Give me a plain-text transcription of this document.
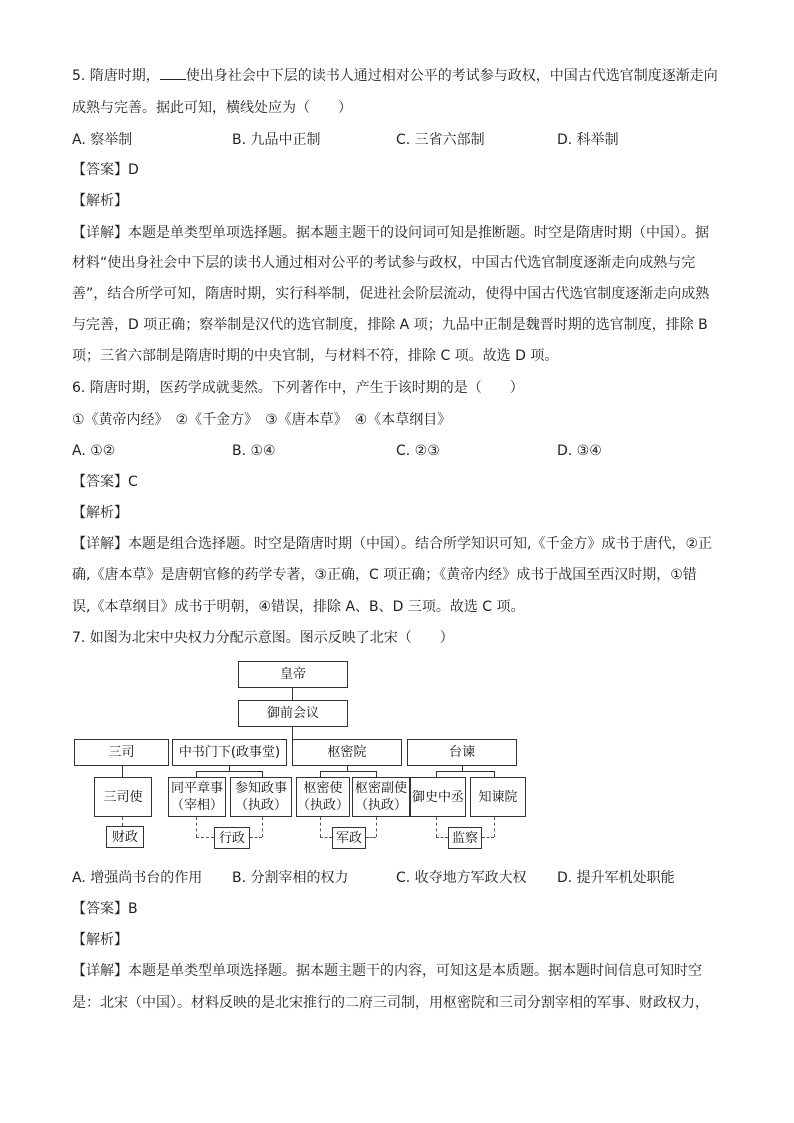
5. 隋唐时期， 使出身社会中下层的读书人通过相对公平的考试参与政权，中国古代选官制度逐渐走向
成熟与完善。据此可知，横线处应为（　　）
A. 察举制	B. 九品中正制	C. 三省六部制	D. 科举制
【答案】D
【解析】
【详解】本题是单类型单项选择题。据本题主题干的设问词可知是推断题。时空是隋唐时期（中国）。据
材料“使出身社会中下层的读书人通过相对公平的考试参与政权，中国古代选官制度逐渐走向成熟与完
善”，结合所学可知，隋唐时期，实行科举制，促进社会阶层流动，使得中国古代选官制度逐渐走向成熟
与完善，D 项正确；察举制是汉代的选官制度，排除 A 项；九品中正制是魏晋时期的选官制度，排除 B
项；三省六部制是隋唐时期的中央官制，与材料不符，排除 C 项。故选 D 项。
6. 隋唐时期，医药学成就斐然。下列著作中，产生于该时期的是（　　）
①《黄帝内经》　②《千金方》　③《唐本草》　④《本草纲目》
A. ①②	B. ①④	C. ②③	D. ③④
【答案】C
【解析】
【详解】本题是组合选择题。时空是隋唐时期（中国）。结合所学知识可知,《千金方》成书于唐代，②正
确,《唐本草》是唐朝官修的药学专著，③正确，C 项正确；《黄帝内经》成书于战国至西汉时期，①错
误,《本草纲目》成书于明朝，④错误，排除 A、B、D 三项。故选 C 项。
7. 如图为北宋中央权力分配示意图。图示反映了北宋（　　）
皇帝
御前会议
三司	中书门下(政事堂)	枢密院	台谏
三司使
同平章事
（宰相）
参知政事
（执政）
枢密使
（执政）
枢密副使
（执政）
御史中丞	知谏院
财政	行政	军政	监察
A. 增强尚书台的作用 B. 分割宰相的权力	C. 收夺地方军政大权 D. 提升军机处职能
【答案】B
【解析】
【详解】本题是单类型单项选择题。据本题主题干的内容，可知这是本质题。据本题时间信息可知时空
是：北宋（中国）。材料反映的是北宋推行的二府三司制，用枢密院和三司分割宰相的军事、财政权力，
